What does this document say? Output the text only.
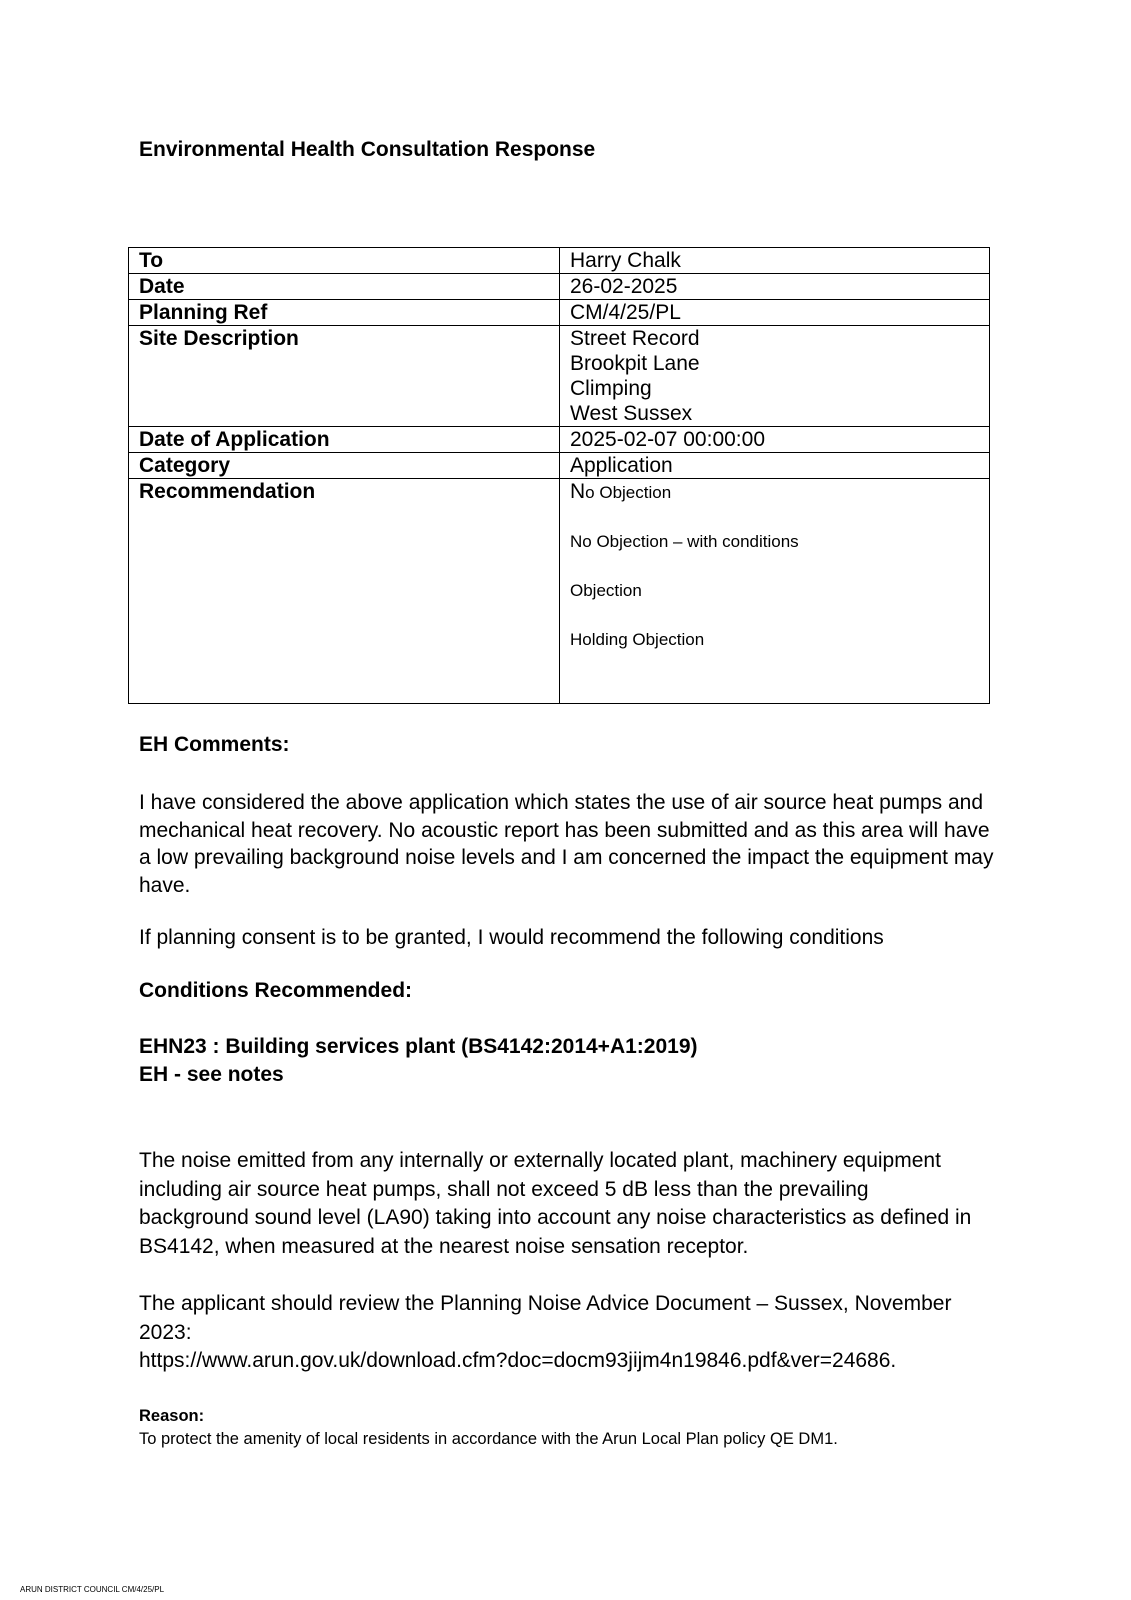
Environmental Health Consultation Response
To	Harry Chalk
Date	26-02-2025
Planning Ref	CM/4/25/PL
Site Description	Street Record
Brookpit Lane
Climping
West Sussex

Date of Application	2025-02-07 00:00:00
Category	Application
Recommendation	No Objection
No Objection – with conditions
Objection
Holding Objection
EH Comments:

I have considered the above application which states the use of air source heat pumps and mechanical heat recovery. No acoustic report has been submitted and as this area will have a low prevailing background noise levels and I am concerned the impact the equipment may have.

If planning consent is to be granted, I would recommend the following conditions

Conditions Recommended:

EHN23 : Building services plant (BS4142:2014+A1:2019)

EH - see notes

The noise emitted from any internally or externally located plant, machinery equipment including air source heat pumps, shall not exceed 5 dB less than the prevailing background sound level (LA90) taking into account any noise characteristics as defined in BS4142, when measured at the nearest noise sensation receptor.

The applicant should review the Planning Noise Advice Document – Sussex, November 2023:

https://www.arun.gov.uk/download.cfm?doc=docm93jijm4n19846.pdf&ver=24686.

Reason:

To protect the amenity of local residents in accordance with the Arun Local Plan policy QE DM1.

ARUN DISTRICT COUNCIL CM/4/25/PL
